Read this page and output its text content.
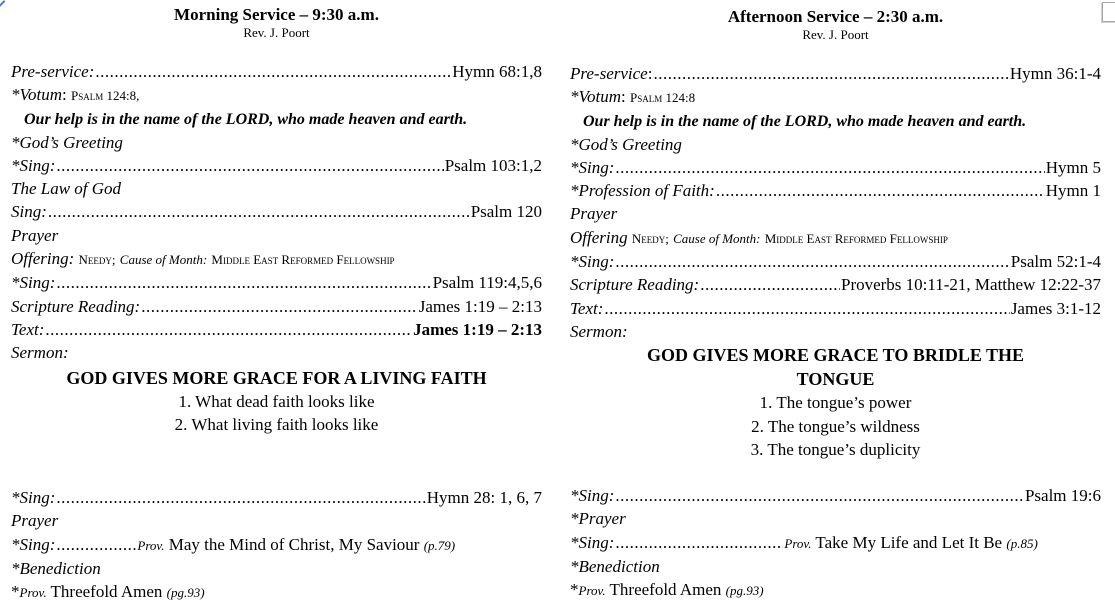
Morning Service – 9:30 a.m.
Rev. J. Poort
Pre-service: .....	Hymn 68:1,8
*Votum: Psalm 124:8,
Our help is in the name of the LORD, who made heaven and earth.
*God’s Greeting
*Sing: .....	Psalm 103:1,2
The Law of God
Sing: .....	Psalm 120
Prayer
Offering: Needy; Cause of Month: Middle East Reformed Fellowship
*Sing: .....	Psalm 119:4,5,6
Scripture Reading: .....	James 1:19 – 2:13
Text: .....	James 1:19 – 2:13
Sermon:
GOD GIVES MORE GRACE FOR A LIVING FAITH
1. What dead faith looks like
2. What living faith looks like
*Sing: .....	Hymn 28: 1, 6, 7
Prayer
*Sing: .....	Prov. May the Mind of Christ, My Saviour (p.79)
*Benediction
*Prov. Threefold Amen (pg.93)
Afternoon Service – 2:30 a.m.
Rev. J. Poort
Pre-service: .....	Hymn 36:1-4
*Votum: Psalm 124:8
Our help is in the name of the LORD, who made heaven and earth.
*God’s Greeting
*Sing: .....	Hymn 5
*Profession of Faith: .....	Hymn 1
Prayer
Offering Needy; Cause of Month: Middle East Reformed Fellowship
*Sing: .....	Psalm 52:1-4
Scripture Reading: .....	Proverbs 10:11-21, Matthew 12:22-37
Text: .....	James 3:1-12
Sermon:
GOD GIVES MORE GRACE TO BRIDLE THE TONGUE
1. The tongue’s power
2. The tongue’s wildness
3. The tongue’s duplicity
*Sing: .....	Psalm 19:6
*Prayer
*Sing: .....	Prov. Take My Life and Let It Be (p.85)
*Benediction
*Prov. Threefold Amen (pg.93)
